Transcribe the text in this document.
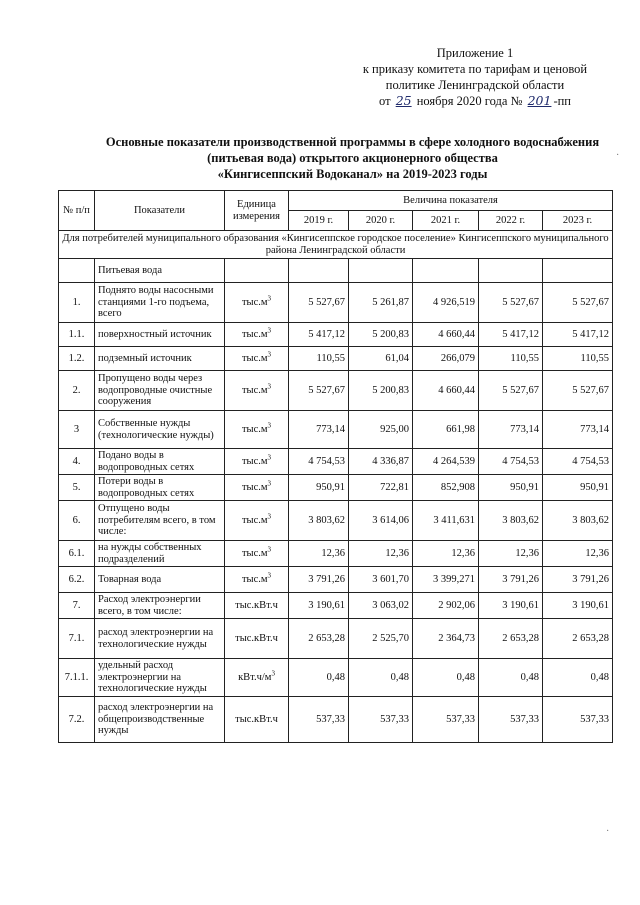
Приложение 1
к приказу комитета по тарифам и ценовой
политике Ленинградской области
от 25 ноября 2020 года № 201 -пп
Основные показатели производственной программы в сфере холодного водоснабжения
(питьевая вода) открытого акционерного общества
«Кингисеппский Водоканал» на 2019-2023 годы
№ п/п	Показатели	Единица измерения	Величина показателя				
			2019 г.	2020 г.	2021 г.	2022 г.	2023 г.
Для потребителей муниципального образования «Кингисеппское городское поселение» Кингисеппского муниципального района Ленинградской области							
	Питьевая вода						
1.	Поднято воды насосными станциями 1-го подъема, всего	$тыс.м^3$	5 527,67	5 261,87	4 926,519	5 527,67	5 527,67
1.1.	поверхностный источник	$тыс.м^3$	5 417,12	5 200,83	4 660,44	5 417,12	5 417,12
1.2.	подземный источник	$тыс.м^3$	110,55	61,04	266,079	110,55	110,55
2.	Пропущено воды через водопроводные очистные сооружения	$тыс.м^3$	5 527,67	5 200,83	4 660,44	5 527,67	5 527,67
3	Собственные нужды (технологические нужды)	$тыс.м^3$	773,14	925,00	661,98	773,14	773,14
4.	Подано воды в водопроводных сетях	$тыс.м^3$	4 754,53	4 336,87	4 264,539	4 754,53	4 754,53
5.	Потери воды в водопроводных сетях	$тыс.м^3$	950,91	722,81	852,908	950,91	950,91
6.	Отпущено воды потребителям всего, в том числе:	$тыс.м^3$	3 803,62	3 614,06	3 411,631	3 803,62	3 803,62
6.1.	на нужды собственных подразделений	$тыс.м^3$	12,36	12,36	12,36	12,36	12,36
6.2.	Товарная вода	$тыс.м^3$	3 791,26	3 601,70	3 399,271	3 791,26	3 791,26
7.	Расход электроэнергии всего, в том числе:	тыс.кВт.ч	3 190,61	3 063,02	2 902,06	3 190,61	3 190,61
7.1.	расход электроэнергии на технологические нужды	тыс.кВт.ч	2 653,28	2 525,70	2 364,73	2 653,28	2 653,28
7.1.1.	удельный расход электроэнергии на технологические нужды	$кВт.ч/м^3$	0,48	0,48	0,48	0,48	0,48
7.2.	расход электроэнергии на общепроизводственные нужды	тыс.кВт.ч	537,33	537,33	537,33	537,33	537,33
·
·
